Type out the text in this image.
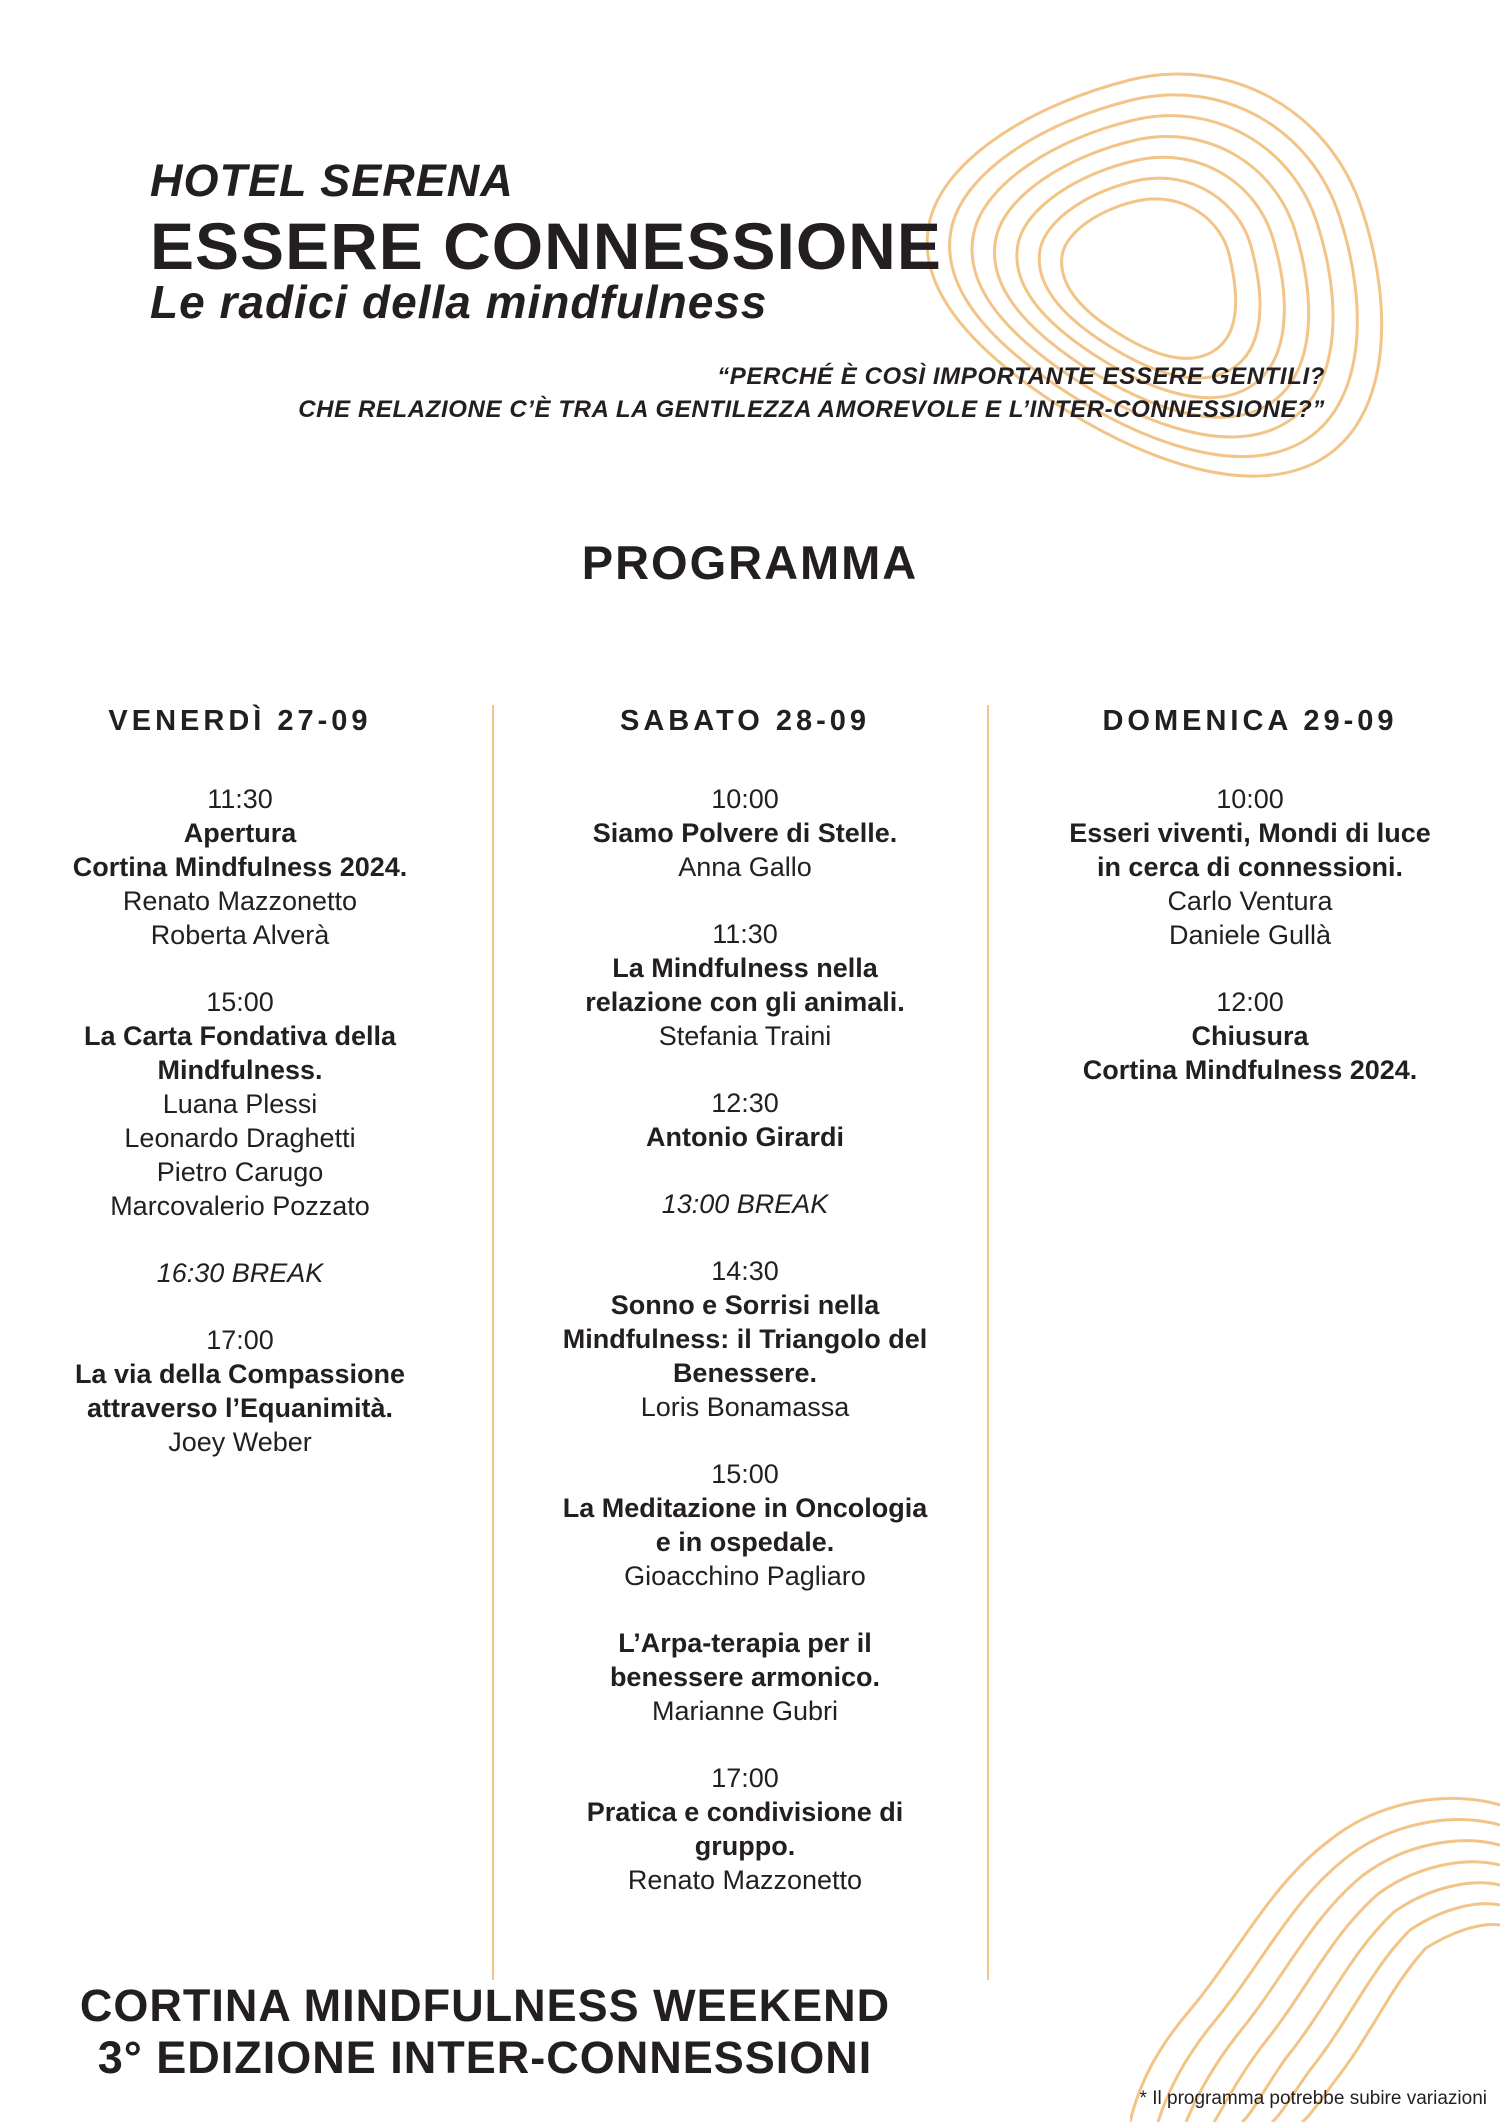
HOTEL SERENA
ESSERE CONNESSIONE
Le radici della mindfulness
“PERCHÉ È COSÌ IMPORTANTE ESSERE GENTILI?
CHE RELAZIONE C’È TRA LA GENTILEZZA AMOREVOLE E L’INTER-CONNESSIONE?”
PROGRAMMA
VENERDÌ 27-09
11:30
Apertura
Cortina Mindfulness 2024.
Renato Mazzonetto
Roberta Alverà
15:00
La Carta Fondativa della
Mindfulness.
Luana Plessi
Leonardo Draghetti
Pietro Carugo
Marcovalerio Pozzato
16:30 BREAK
17:00
La via della Compassione
attraverso l’Equanimità.
Joey Weber
SABATO 28-09
10:00
Siamo Polvere di Stelle.
Anna Gallo
11:30
La Mindfulness nella
relazione con gli animali.
Stefania Traini
12:30
Antonio Girardi
13:00 BREAK
14:30
Sonno e Sorrisi nella
Mindfulness: il Triangolo del
Benessere.
Loris Bonamassa
15:00
La Meditazione in Oncologia
e in ospedale.
Gioacchino Pagliaro
L’Arpa-terapia per il
benessere armonico.
Marianne Gubri
17:00
Pratica e condivisione di
gruppo.
Renato Mazzonetto
DOMENICA 29-09
10:00
Esseri viventi, Mondi di luce
in cerca di connessioni.
Carlo Ventura
Daniele Gullà
12:00
Chiusura
Cortina Mindfulness 2024.
CORTINA MINDFULNESS WEEKEND
3° EDIZIONE INTER-CONNESSIONI
* Il programma potrebbe subire variazioni
